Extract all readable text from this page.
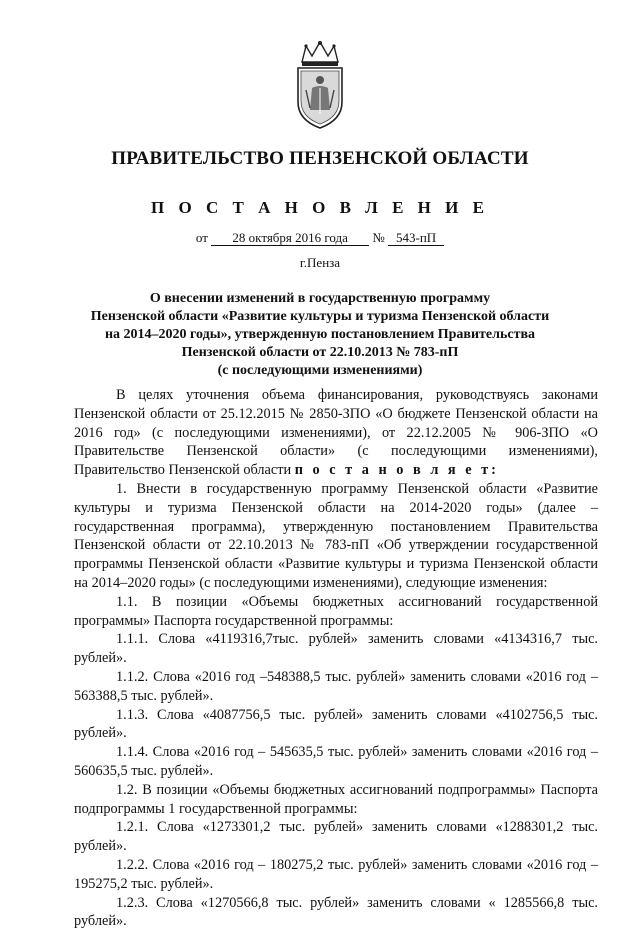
ПРАВИТЕЛЬСТВО ПЕНЗЕНСКОЙ ОБЛАСТИ
П О С Т А Н О В Л Е Н И Е
от 28 октября 2016 года № 543-пП
г.Пенза
О внесении изменений в государственную программу
Пензенской области «Развитие культуры и туризма Пензенской области
на 2014–2020 годы», утвержденную постановлением Правительства
Пензенской области от 22.10.2013 № 783-пП
(с последующими изменениями)

В целях уточнения объема финансирования, руководствуясь законами Пензенской области от 25.12.2015 № 2850-ЗПО «О бюджете Пензенской области на 2016 год» (с последующими изменениями), от 22.12.2005 № 906-ЗПО «О Правительстве Пензенской области» (с последующими изменениями), Правительство Пензенской области п о с т а н о в л я е т:

1. Внести в государственную программу Пензенской области «Развитие культуры и туризма Пензенской области на 2014-2020 годы» (далее – государственная программа), утвержденную постановлением Правительства Пензенской области от 22.10.2013 № 783-пП «Об утверждении государственной программы Пензенской области «Развитие культуры и туризма Пензенской области на 2014–2020 годы» (с последующими изменениями), следующие изменения:

1.1. В позиции «Объемы бюджетных ассигнований государственной программы» Паспорта государственной программы:

1.1.1. Слова «4119316,7тыс. рублей» заменить словами «4134316,7 тыс. рублей».

1.1.2. Слова «2016 год –548388,5 тыс. рублей» заменить словами «2016 год – 563388,5 тыс. рублей».

1.1.3. Слова «4087756,5 тыс. рублей» заменить словами «4102756,5 тыс. рублей».

1.1.4. Слова «2016 год – 545635,5 тыс. рублей» заменить словами «2016 год – 560635,5 тыс. рублей».

1.2. В позиции «Объемы бюджетных ассигнований подпрограммы» Паспорта подпрограммы 1 государственной программы:

1.2.1. Слова «1273301,2 тыс. рублей» заменить словами «1288301,2 тыс. рублей».

1.2.2. Слова «2016 год – 180275,2 тыс. рублей» заменить словами «2016 год – 195275,2 тыс. рублей».

1.2.3. Слова «1270566,8 тыс. рублей» заменить словами « 1285566,8 тыс. рублей».
